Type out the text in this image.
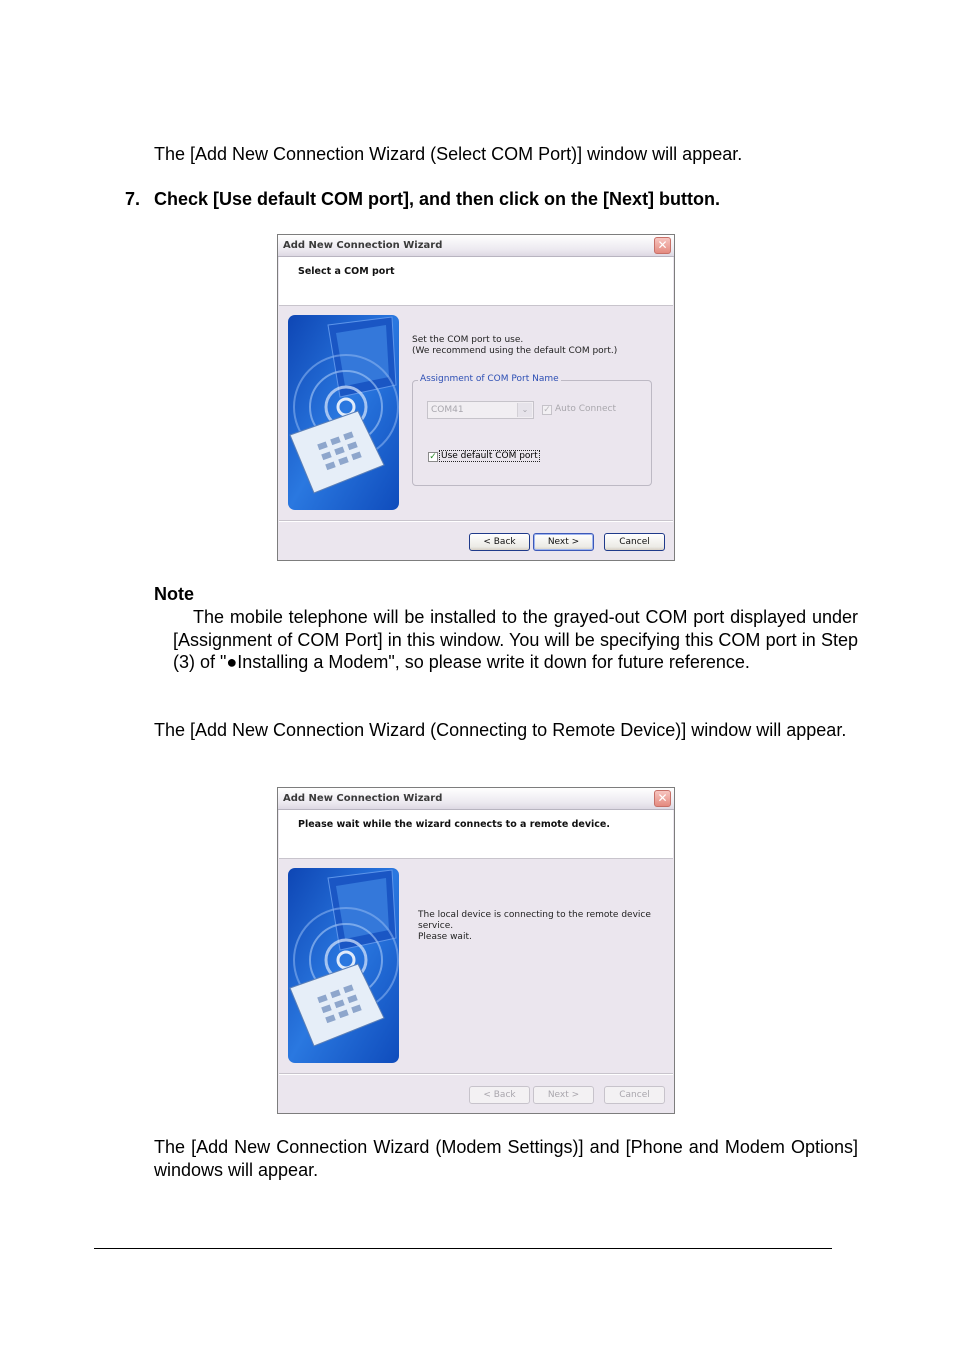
The [Add New Connection Wizard (Select COM Port)] window will appear.

7. Check [Use default COM port], and then click on the [Next] button.

Add New Connection Wizard	✕
Select a COM port
Set the COM port to use.
(We recommend using the default COM port.)
Assignment of COM Port Name
COM41	⌄	✓ Auto Connect
✓ Use default COM port
< Back	Next >	Cancel

Note

The mobile telephone will be installed to the grayed-out COM port displayed under [Assignment of COM Port] in this window. You will be specifying this COM port in Step (3) of "●Installing a Modem", so please write it down for future reference.

The [Add New Connection Wizard (Connecting to Remote Device)] window will appear.

Add New Connection Wizard	✕
Please wait while the wizard connects to a remote device.
The local device is connecting to the remote device
service.
Please wait.
< Back	Next >	Cancel

The [Add New Connection Wizard (Modem Settings)] and [Phone and Modem Options] windows will appear.
